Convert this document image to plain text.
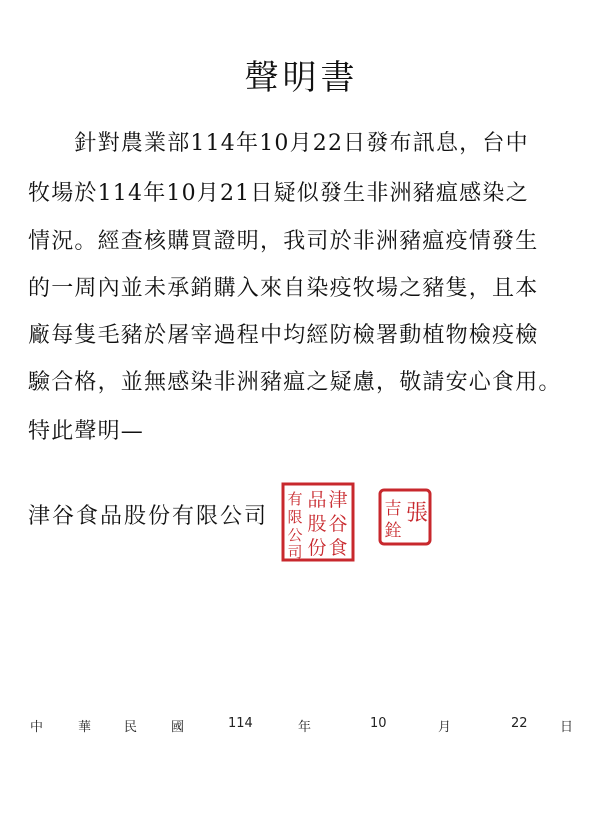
聲明書
　　針對農業部114年10月22日發布訊息，台中
牧場於114年10月21日疑似發生非洲豬瘟感染之
情況。經查核購買證明，我司於非洲豬瘟疫情發生
的一周內並未承銷購入來自染疫牧場之豬隻，且本
廠每隻毛豬於屠宰過程中均經防檢署動植物檢疫檢
驗合格，並無感染非洲豬瘟之疑慮，敬請安心食用。
特此聲明—
津谷食品股份有限公司
津
谷
食
品
股
份
有
限
公
司
張
吉
銓
中	華	民	國	114	年	10	月	22 日
